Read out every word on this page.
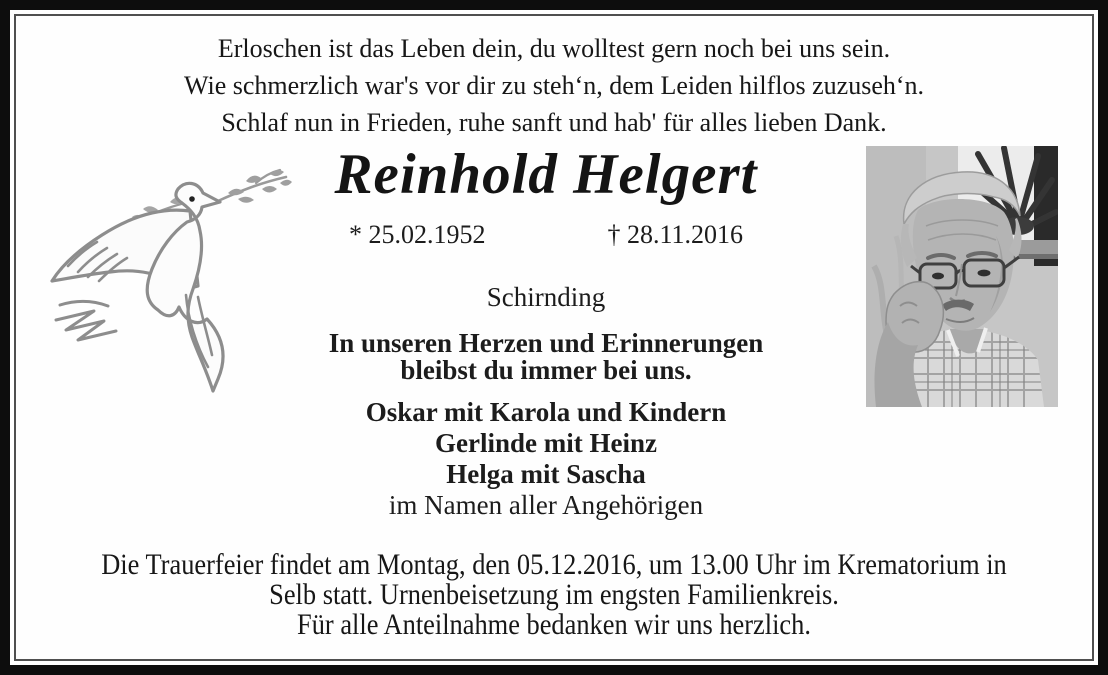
Erloschen ist das Leben dein, du wolltest gern noch bei uns sein.
Wie schmerzlich war's vor dir zu steh‘n, dem Leiden hilflos zuzuseh‘n.
Schlaf nun in Frieden, ruhe sanft und hab' für alles lieben Dank.
Reinhold Helgert
* 25.02.1952	† 28.11.2016
Schirnding
In unseren Herzen und Erinnerungen
bleibst du immer bei uns.
Oskar mit Karola und Kindern
Gerlinde mit Heinz
Helga mit Sascha
im Namen aller Angehörigen
Die Trauerfeier findet am Montag, den 05.12.2016, um 13.00 Uhr im Krematorium in
Selb statt. Urnenbeisetzung im engsten Familienkreis.
Für alle Anteilnahme bedanken wir uns herzlich.
